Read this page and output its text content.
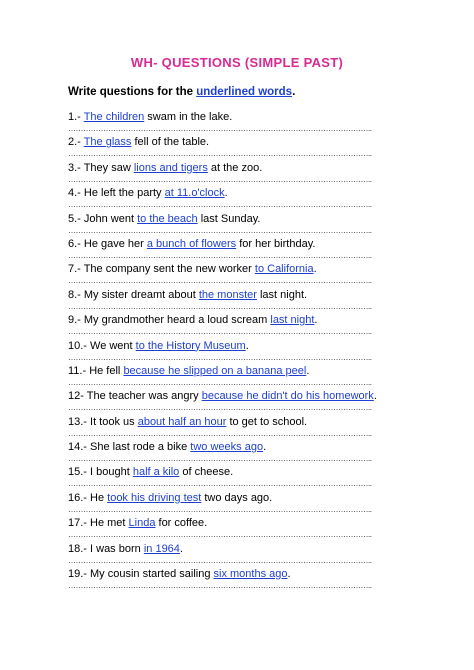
WH- QUESTIONS (SIMPLE PAST)
Write questions for the underlined words.
1.- The children swam in the lake.
…………………………………………………………………………………………………………..
2.- The glass fell of the table.
…………………………………………………………………………………………………………..
3.- They saw lions and tigers at the zoo.
…………………………………………………………………………………………………………..
4.- He left the party at 11.o'clock.
…………………………………………………………………………………………………………..
5.- John went to the beach last Sunday.
…………………………………………………………………………………………………………..
6.- He gave her a bunch of flowers for her birthday.
…………………………………………………………………………………………………………..
7.- The company sent the new worker to California.
…………………………………………………………………………………………………………..
8.- My sister dreamt about the monster last night.
…………………………………………………………………………………………………………..
9.- My grandmother heard a loud scream last night.
…………………………………………………………………………………………………………..
10.- We went to the History Museum.
…………………………………………………………………………………………………………..
11.- He fell because he slipped on a banana peel.
…………………………………………………………………………………………………………..
12- The teacher was angry because he didn't do his homework.
…………………………………………………………………………………………………………..
13.- It took us about half an hour to get to school.
…………………………………………………………………………………………………………..
14.- She last rode a bike two weeks ago.
…………………………………………………………………………………………………………..
15.- I bought half a kilo of cheese.
…………………………………………………………………………………………………………..
16.- He took his driving test two days ago.
…………………………………………………………………………………………………………..
17.- He met Linda for coffee.
…………………………………………………………………………………………………………..
18.- I was born in 1964.
…………………………………………………………………………………………………………..
19.- My cousin started sailing six months ago.
…………………………………………………………………………………………………………..
